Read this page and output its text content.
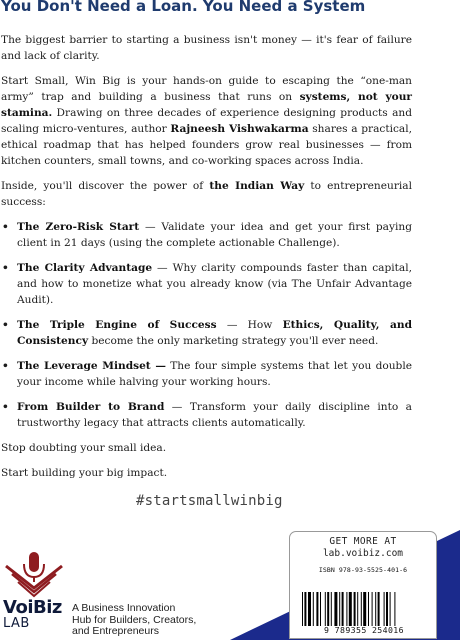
You Don't Need a Loan. You Need a System

The biggest barrier to starting a business isn't money — it's fear of failure and lack of clarity.

Start Small, Win Big is your hands-on guide to escaping the “one-man army” trap and building a business that runs on systems, not your stamina. Drawing on three decades of experience designing products and scaling micro-ventures, author Rajneesh Vishwakarma shares a practical, ethical roadmap that has helped founders grow real businesses — from kitchen counters, small towns, and co-working spaces across India.

Inside, you'll discover the power of the Indian Way to entrepreneurial success:

• The Zero-Risk Start — Validate your idea and get your first paying client in 21 days (using the complete actionable Challenge).
• The Clarity Advantage — Why clarity compounds faster than capital, and how to monetize what you already know (via The Unfair Advantage Audit).
• The Triple Engine of Success — How Ethics, Quality, and Consistency become the only marketing strategy you'll ever need.
• The Leverage Mindset — The four simple systems that let you double your income while halving your working hours.
• From Builder to Brand — Transform your daily discipline into a trustworthy legacy that attracts clients automatically.

Stop doubting your small idea.

Start building your big impact.

#startsmallwinbig
VoiBiz
LAB
A Business Innovation
Hub for Builders, Creators,
and Entrepreneurs
GET MORE AT
lab.voibiz.com
ISBN 978-93-5525-401-6
9 789355 254016
